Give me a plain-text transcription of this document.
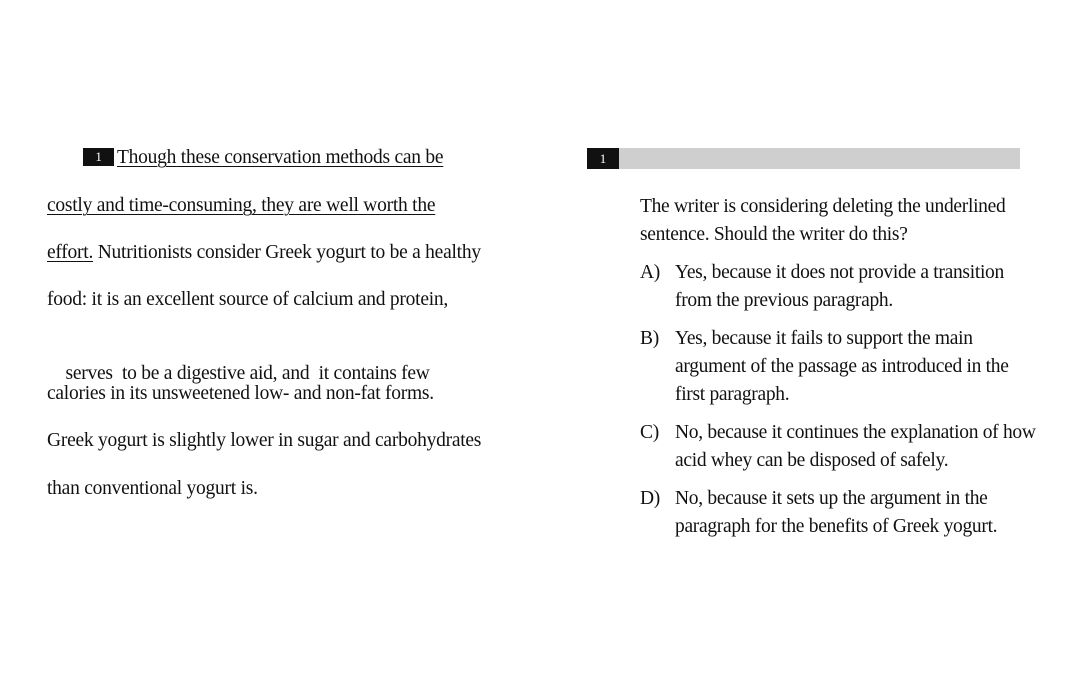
1 Though these conservation methods can be
costly and time-consuming, they are well worth the
effort. Nutritionists consider Greek yogurt to be a healthy
food: it is an excellent source of calcium and protein,

serves  to be a digestive aid, and  it contains few

calories in its unsweetened low- and non-fat forms.
Greek yogurt is slightly lower in sugar and carbohydrates
than conventional yogurt is.
1
The writer is considering deleting the underlined sentence. Should the writer do this?
A) Yes, because it does not provide a transition
from the previous paragraph.
B) Yes, because it fails to support the main
argument of the passage as introduced in the
first paragraph.
C) No, because it continues the explanation of how
acid whey can be disposed of safely.
D) No, because it sets up the argument in the
paragraph for the benefits of Greek yogurt.
